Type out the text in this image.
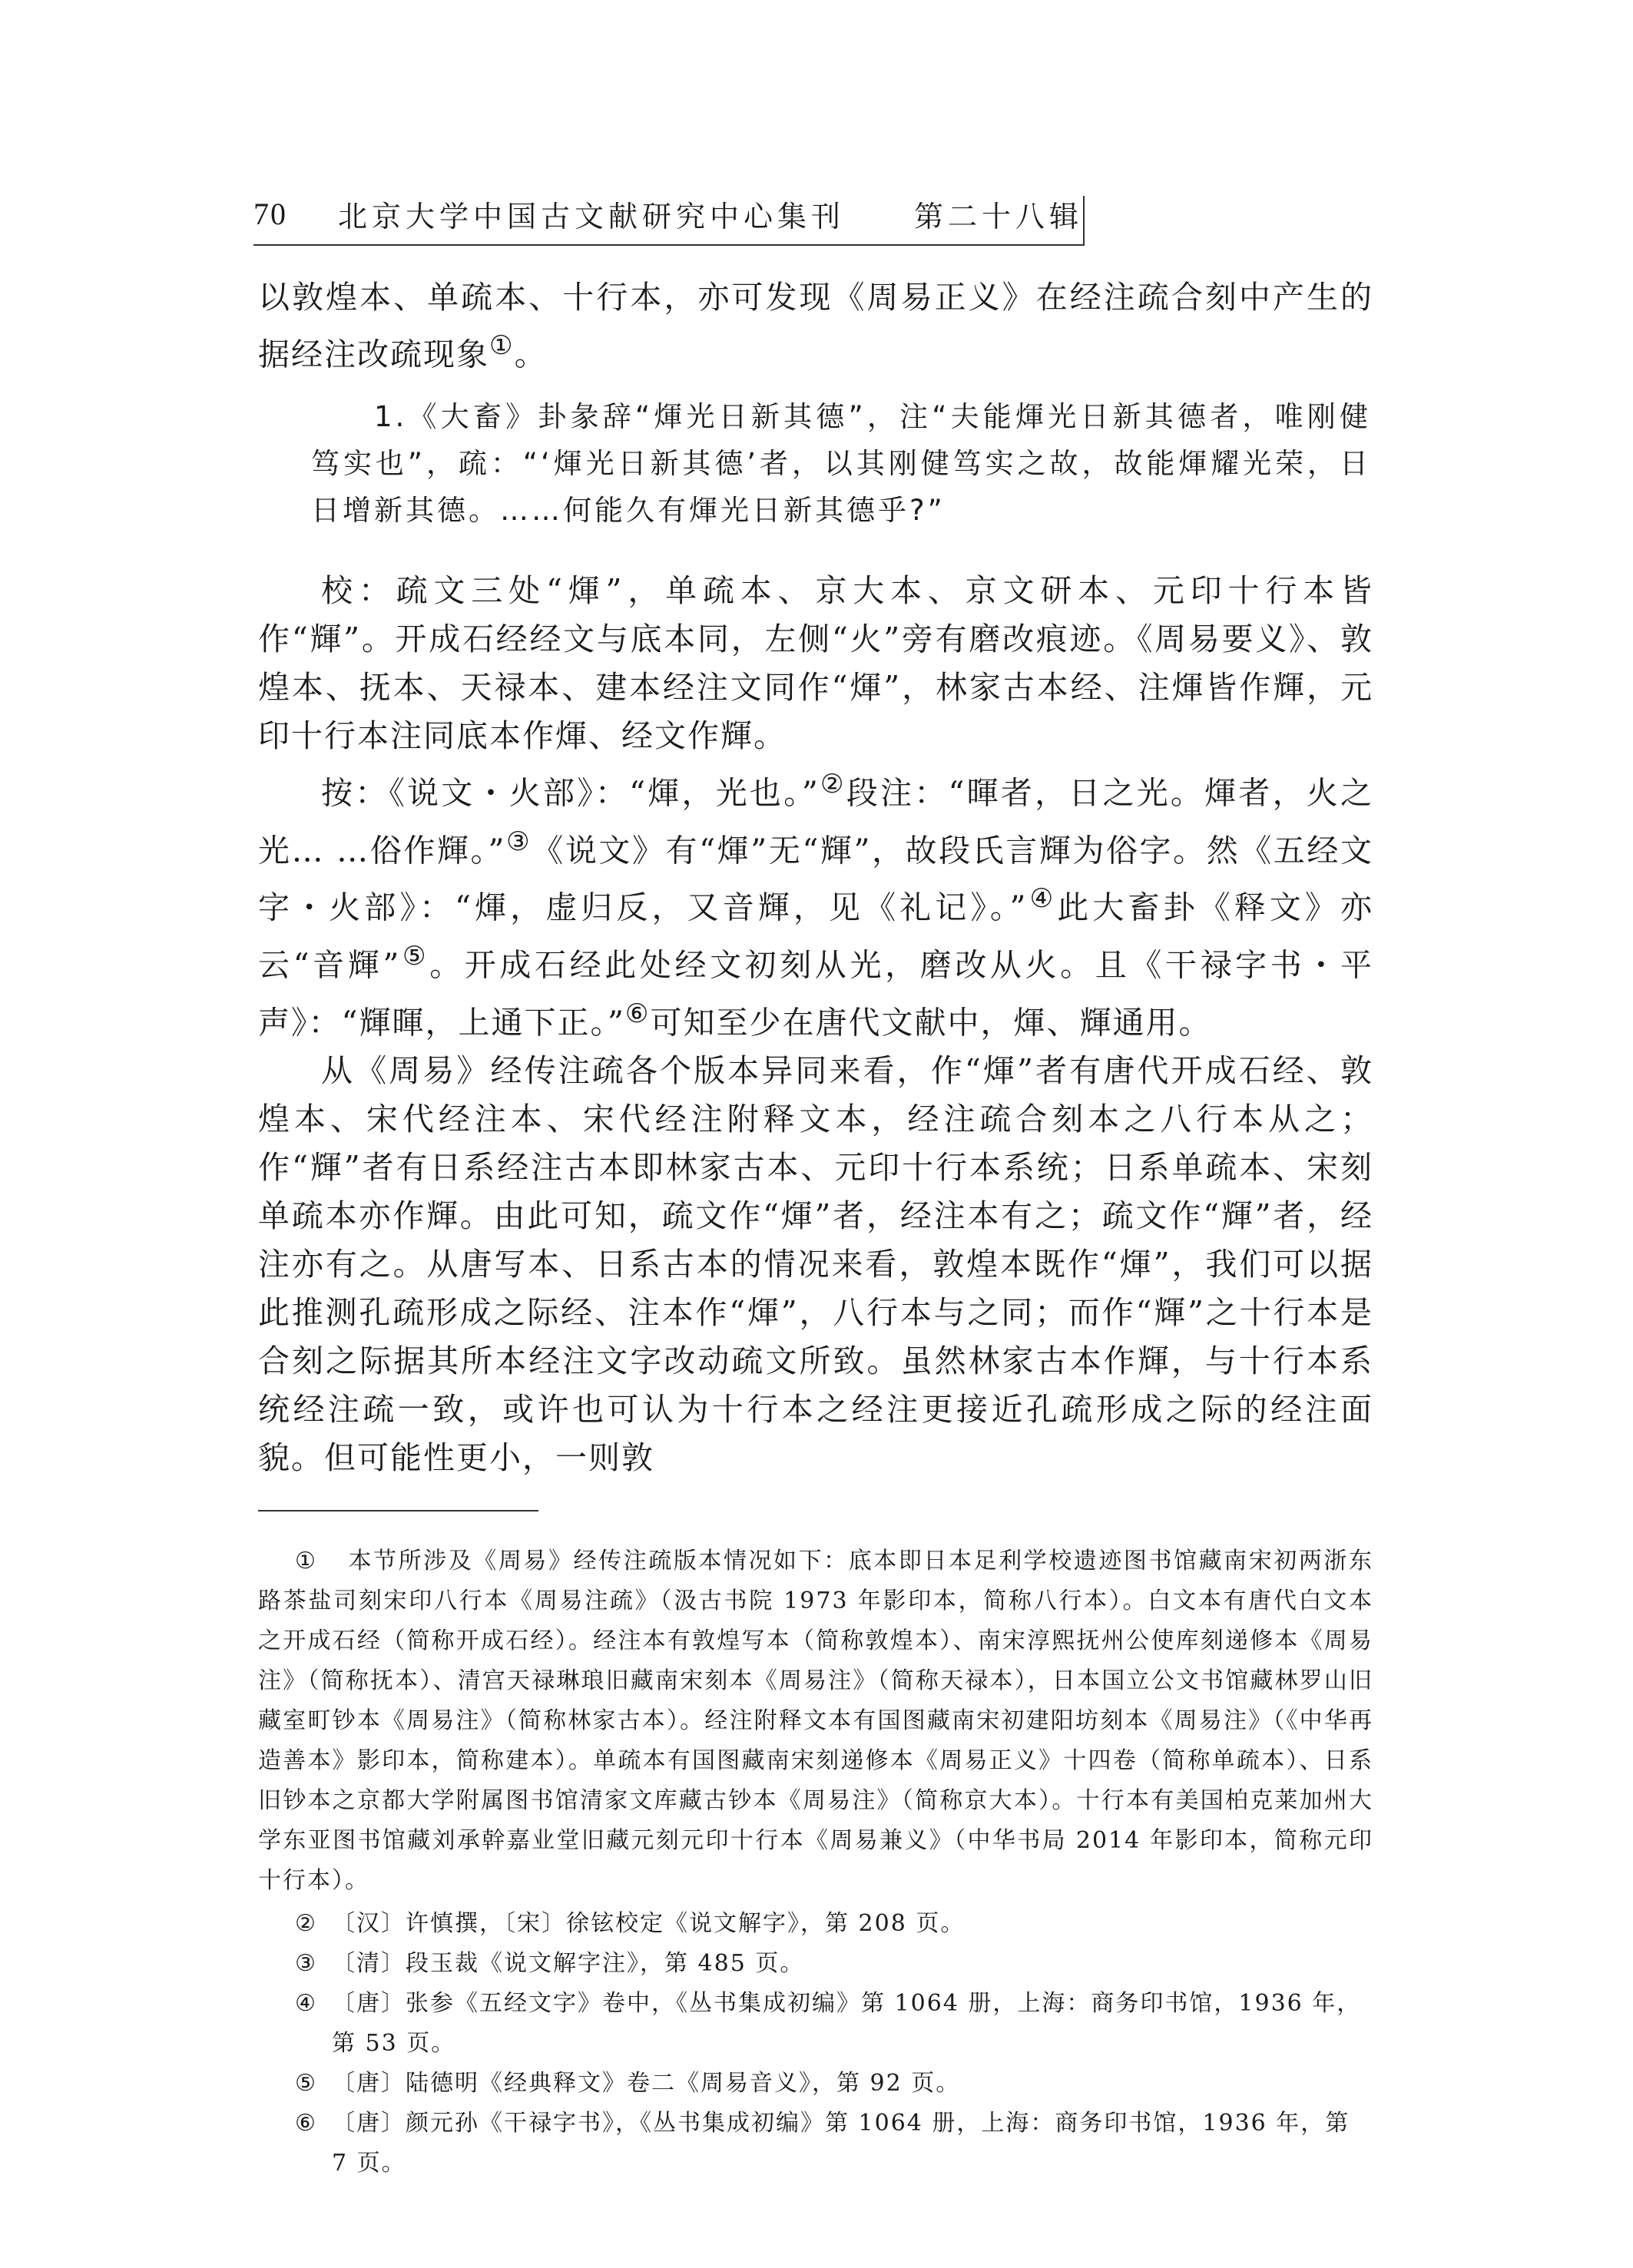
70	北京大学中国古文献研究中心集刊	第二十八辑

以敦煌本、单疏本、十行本，亦可发现《周易正义》在经注疏合刻中产生的据经注改疏现象①。

1.《大畜》卦彖辞“煇光日新其德”，注“夫能煇光日新其德者，唯刚健笃实也”，疏：“‘煇光日新其德’者，以其刚健笃实之故，故能煇耀光荣，日日增新其德。……何能久有煇光日新其德乎?”

校：疏文三处“煇”，单疏本、京大本、京文研本、元印十行本皆作“輝”。开成石经经文与底本同，左侧“火”旁有磨改痕迹。《周易要义》、敦煌本、抚本、天禄本、建本经注文同作“煇”，林家古本经、注煇皆作輝，元印十行本注同底本作煇、经文作輝。

按：《说文・火部》：“煇，光也。”②段注：“暉者，日之光。煇者，火之光… …俗作輝。”③《说文》有“煇”无“輝”，故段氏言輝为俗字。然《五经文字・火部》：“煇，虚归反，又音輝，见《礼记》。”④此大畜卦《释文》亦云“音輝”⑤。开成石经此处经文初刻从光，磨改从火。且《干禄字书・平声》：“輝暉，上通下正。”⑥可知至少在唐代文献中，煇、輝通用。

从《周易》经传注疏各个版本异同来看，作“煇”者有唐代开成石经、敦煌本、宋代经注本、宋代经注附释文本，经注疏合刻本之八行本从之；作“輝”者有日系经注古本即林家古本、元印十行本系统；日系单疏本、宋刻单疏本亦作輝。由此可知，疏文作“煇”者，经注本有之；疏文作“輝”者，经注亦有之。从唐写本、日系古本的情况来看，敦煌本既作“煇”，我们可以据此推测孔疏形成之际经、注本作“煇”，八行本与之同；而作“輝”之十行本是合刻之际据其所本经注文字改动疏文所致。虽然林家古本作輝，与十行本系统经注疏一致，或许也可认为十行本之经注更接近孔疏形成之际的经注面貌。但可能性更小，一则敦

① 本节所涉及《周易》经传注疏版本情况如下：底本即日本足利学校遗迹图书馆藏南宋初两浙东路茶盐司刻宋印八行本《周易注疏》（汲古书院 1973 年影印本，简称八行本）。白文本有唐代白文本之开成石经（简称开成石经）。经注本有敦煌写本（简称敦煌本）、南宋淳熙抚州公使库刻递修本《周易注》（简称抚本）、清宫天禄琳琅旧藏南宋刻本《周易注》（简称天禄本），日本国立公文书馆藏林罗山旧藏室町钞本《周易注》（简称林家古本）。经注附释文本有国图藏南宋初建阳坊刻本《周易注》（《中华再造善本》影印本，简称建本）。单疏本有国图藏南宋刻递修本《周易正义》十四卷（简称单疏本）、日系旧钞本之京都大学附属图书馆清家文库藏古钞本《周易注》（简称京大本）。十行本有美国柏克莱加州大学东亚图书馆藏刘承幹嘉业堂旧藏元刻元印十行本《周易兼义》（中华书局 2014 年影印本，简称元印十行本）。

② 〔汉〕许慎撰，〔宋〕徐铉校定《说文解字》，第 208 页。

③ 〔清〕段玉裁《说文解字注》，第 485 页。

④ 〔唐〕张参《五经文字》卷中，《丛书集成初编》第 1064 册，上海：商务印书馆，1936 年，第 53 页。

⑤ 〔唐〕陆德明《经典释文》卷二《周易音义》，第 92 页。

⑥ 〔唐〕颜元孙《干禄字书》，《丛书集成初编》第 1064 册，上海：商务印书馆，1936 年，第 7 页。
